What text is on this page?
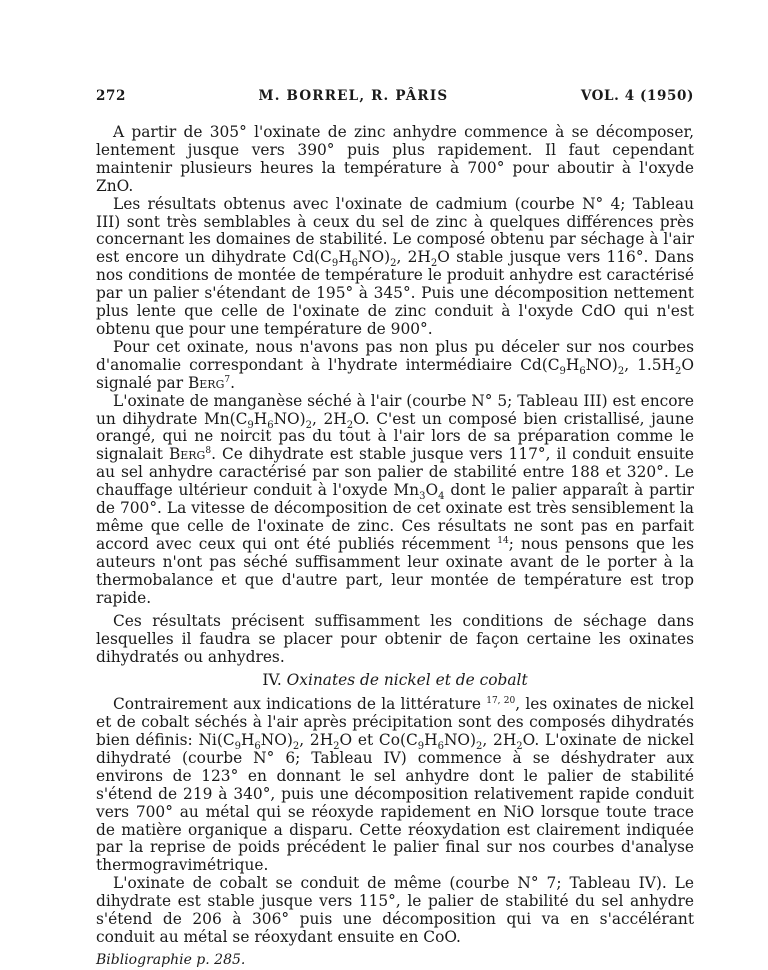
272	M. BORREL, R. PÂRIS	VOL. 4 (1950)

A partir de 305° l'oxinate de zinc anhydre commence à se décomposer, lentement jusque vers 390° puis plus rapidement. Il faut cependant maintenir plusieurs heures la température à 700° pour aboutir à l'oxyde ZnO.

Les résultats obtenus avec l'oxinate de cadmium (courbe N° 4; Tableau III) sont très semblables à ceux du sel de zinc à quelques différences près concernant les domaines de stabilité. Le composé obtenu par séchage à l'air est encore un dihydrate $Cd(C_9H_6NO)_2$, $2H_2O$ stable jusque vers 116°. Dans nos conditions de montée de température le produit anhydre est caractérisé par un palier s'étendant de 195° à 345°. Puis une décomposition nettement plus lente que celle de l'oxinate de zinc conduit à l'oxyde CdO qui n'est obtenu que pour une température de 900°.

Pour cet oxinate, nous n'avons pas non plus pu déceler sur nos courbes d'anomalie correspondant à l'hydrate intermédiaire $Cd(C_9H_6NO)_2$, $1.5H_2O$ signalé par Berg$^7$.

L'oxinate de manganèse séché à l'air (courbe N° 5; Tableau III) est encore un dihydrate $Mn(C_9H_6NO)_2$, $2H_2O$. C'est un composé bien cristallisé, jaune orangé, qui ne noircit pas du tout à l'air lors de sa préparation comme le signalait Berg$^8$. Ce dihydrate est stable jusque vers 117°, il conduit ensuite au sel anhydre caractérisé par son palier de stabilité entre 188 et 320°. Le chauffage ultérieur conduit à l'oxyde $Mn_3O_4$ dont le palier apparaît à partir de 700°. La vitesse de décomposition de cet oxinate est très sensiblement la même que celle de l'oxinate de zinc. Ces résultats ne sont pas en parfait accord avec ceux qui ont été publiés récemment $^{14}$; nous pensons que les auteurs n'ont pas séché suffisamment leur oxinate avant de le porter à la thermobalance et que d'autre part, leur montée de température est trop rapide.

Ces résultats précisent suffisamment les conditions de séchage dans lesquelles il faudra se placer pour obtenir de façon certaine les oxinates dihydratés ou anhydres.

IV. Oxinates de nickel et de cobalt

Contrairement aux indications de la littérature $^{17, 20}$, les oxinates de nickel et de cobalt séchés à l'air après précipitation sont des composés dihydratés bien définis: $Ni(C_9H_6NO)_2$, $2H_2O$ et $Co(C_9H_6NO)_2$, $2H_2O$. L'oxinate de nickel dihydraté (courbe N° 6; Tableau IV) commence à se déshydrater aux environs de 123° en donnant le sel anhydre dont le palier de stabilité s'étend de 219 à 340°, puis une décomposition relativement rapide conduit vers 700° au métal qui se réoxyde rapidement en NiO lorsque toute trace de matière organique a disparu. Cette réoxydation est clairement indiquée par la reprise de poids précédent le palier final sur nos courbes d'analyse thermogravimétrique.

L'oxinate de cobalt se conduit de même (courbe N° 7; Tableau IV). Le dihydrate est stable jusque vers 115°, le palier de stabilité du sel anhydre s'étend de 206 à 306° puis une décomposition qui va en s'accélérant conduit au métal se réoxydant ensuite en CoO.

Bibliographie p. 285.
